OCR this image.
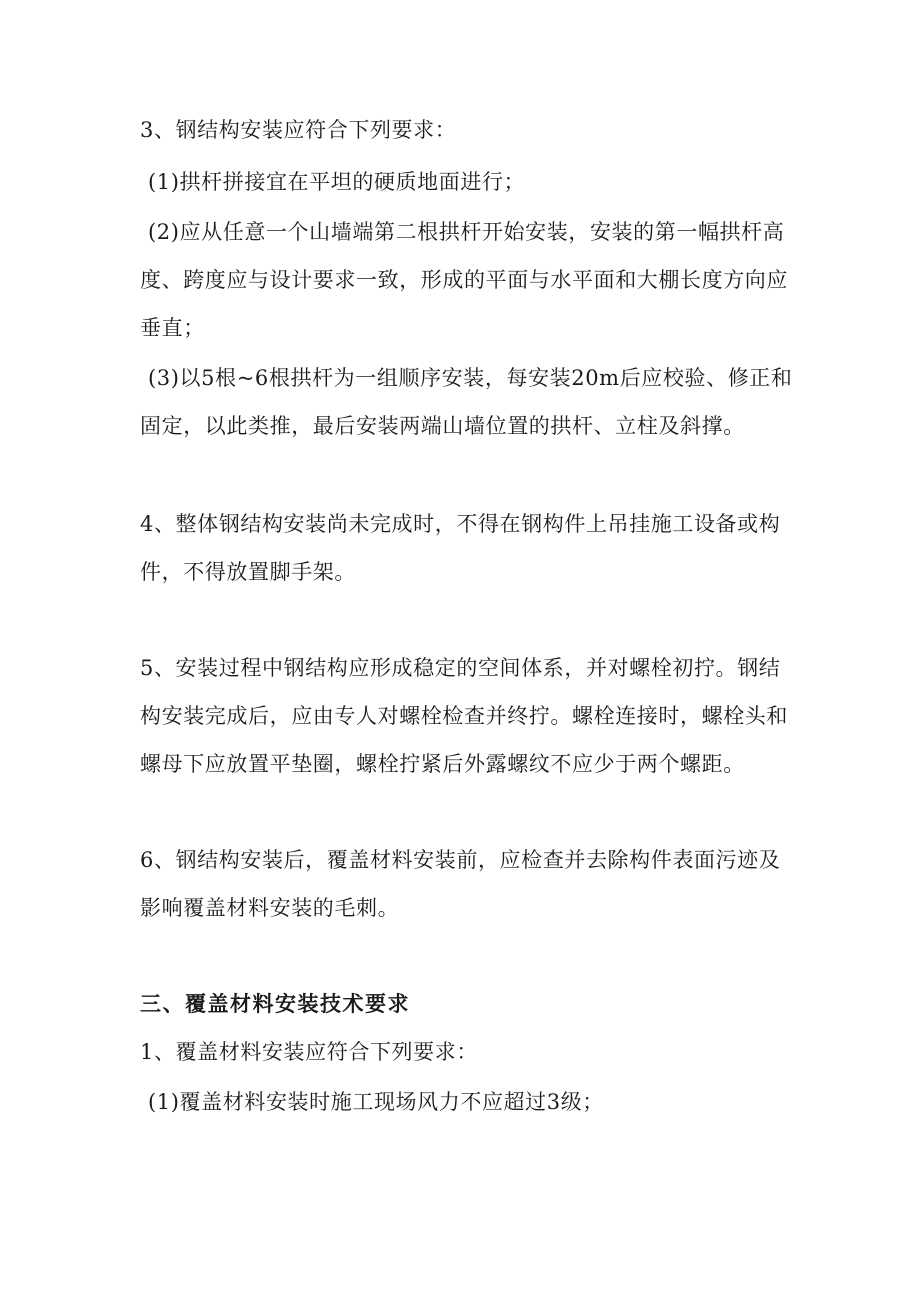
3、钢结构安装应符合下列要求：
(1)拱杆拼接宜在平坦的硬质地面进行；
(2)应从任意一个山墙端第二根拱杆开始安装，安装的第一幅拱杆高
度、跨度应与设计要求一致，形成的平面与水平面和大棚长度方向应
垂直；
(3)以5根~6根拱杆为一组顺序安装，每安装20m后应校验、修正和
固定，以此类推，最后安装两端山墙位置的拱杆、立柱及斜撑。
4、整体钢结构安装尚未完成时，不得在钢构件上吊挂施工设备或构
件，不得放置脚手架。
5、安装过程中钢结构应形成稳定的空间体系，并对螺栓初拧。钢结
构安装完成后，应由专人对螺栓检查并终拧。螺栓连接时，螺栓头和
螺母下应放置平垫圈，螺栓拧紧后外露螺纹不应少于两个螺距。
6、钢结构安装后，覆盖材料安装前，应检查并去除构件表面污迹及
影响覆盖材料安装的毛刺。
三、覆盖材料安装技术要求
1、覆盖材料安装应符合下列要求：
(1)覆盖材料安装时施工现场风力不应超过3级；
